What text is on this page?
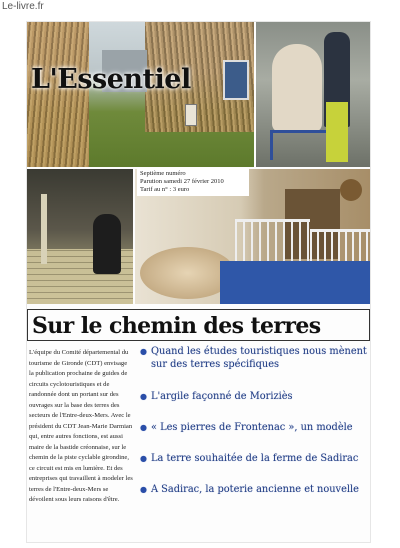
Le-livre.fr
L'Essentiel
Septième numéro
Parution samedi 27 février 2010
Tarif au n° : 3 euro
Sur le chemin des terres
L'équipe du Comité départemental du tourisme de Gironde (CDT) envisage la publication prochaine de guides de circuits cyclotouristiques et de randonnée dont un portant sur des ouvrages sur la base des terres des secteurs de l'Entre-deux-Mers. Avec le président du CDT Jean-Marie Darmian qui, entre autres fonctions, est aussi maire de la bastide créonnaise, sur le chemin de la piste cyclable girondine, ce circuit est mis en lumière. Et des entreprises qui travaillent à modeler les terres de l'Entre-deux-Mers se dévoilent sous leurs raisons d'être.
● Quand les études touristiques nous mènent sur des terres spécifiques
● L'argile façonné de Moriziès
● « Les pierres de Frontenac », un modèle
● La terre souhaitée de la ferme de Sadirac
● A Sadirac, la poterie ancienne et nouvelle
